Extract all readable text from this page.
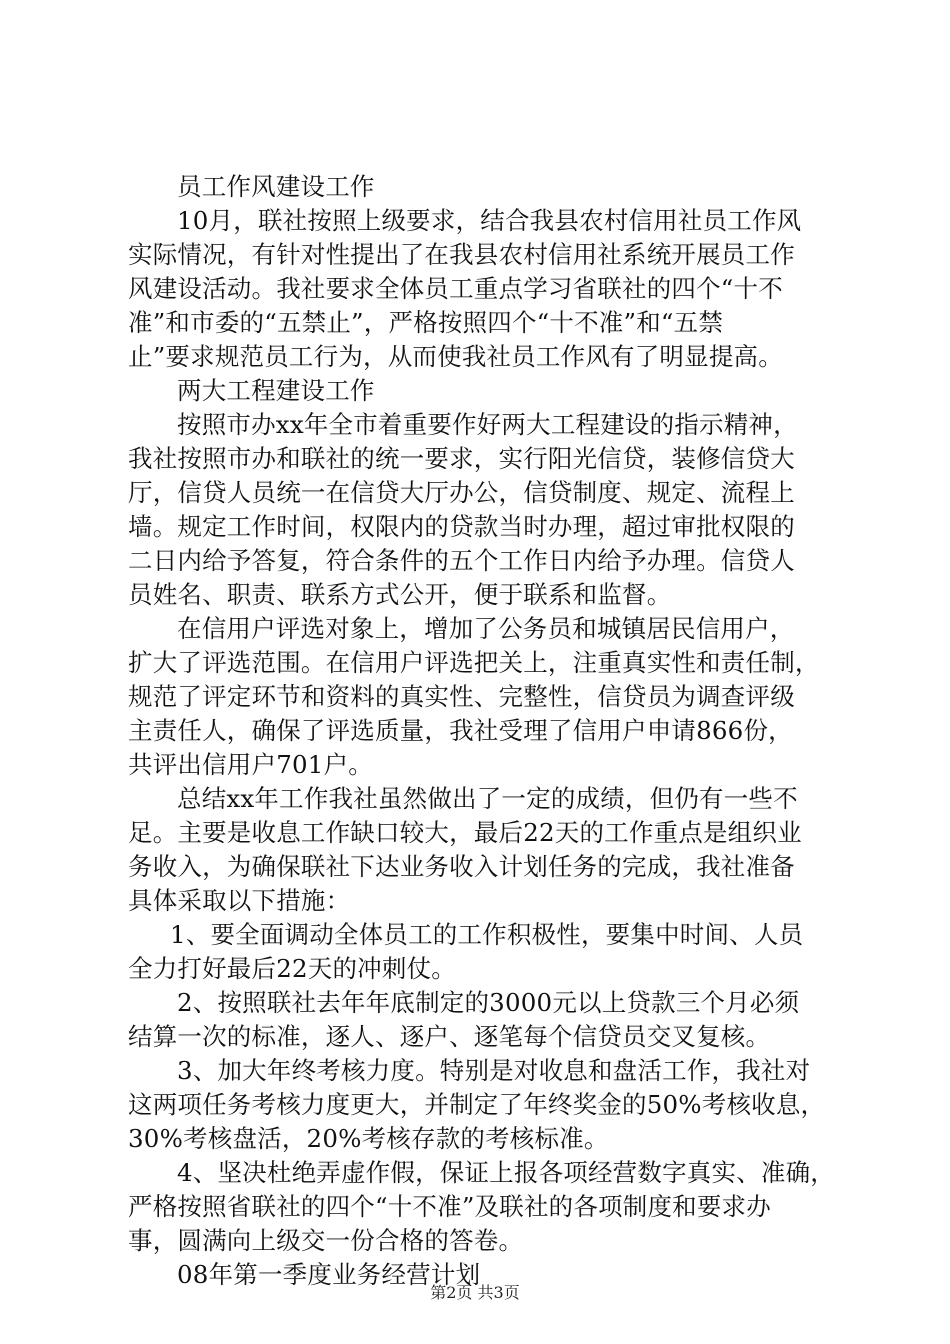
员工作风建设工作
10月，联社按照上级要求，结合我县农村信用社员工作风
实际情况，有针对性提出了在我县农村信用社系统开展员工作
风建设活动。我社要求全体员工重点学习省联社的四个“十不
准”和市委的“五禁止”，严格按照四个“十不准”和“五禁
止”要求规范员工行为，从而使我社员工作风有了明显提高。
两大工程建设工作
按照市办xx年全市着重要作好两大工程建设的指示精神，
我社按照市办和联社的统一要求，实行阳光信贷，装修信贷大
厅，信贷人员统一在信贷大厅办公，信贷制度、规定、流程上
墙。规定工作时间，权限内的贷款当时办理，超过审批权限的
二日内给予答复，符合条件的五个工作日内给予办理。信贷人
员姓名、职责、联系方式公开，便于联系和监督。
在信用户评选对象上，增加了公务员和城镇居民信用户，
扩大了评选范围。在信用户评选把关上，注重真实性和责任制，
规范了评定环节和资料的真实性、完整性，信贷员为调查评级
主责任人，确保了评选质量，我社受理了信用户申请866份，
共评出信用户701户。
总结xx年工作我社虽然做出了一定的成绩，但仍有一些不
足。主要是收息工作缺口较大，最后22天的工作重点是组织业
务收入，为确保联社下达业务收入计划任务的完成，我社准备
具体采取以下措施：
1、要全面调动全体员工的工作积极性，要集中时间、人员
全力打好最后22天的冲刺仗。
2、按照联社去年年底制定的3000元以上贷款三个月必须
结算一次的标准，逐人、逐户、逐笔每个信贷员交叉复核。
3、加大年终考核力度。特别是对收息和盘活工作，我社对
这两项任务考核力度更大，并制定了年终奖金的50%考核收息，
30%考核盘活，20%考核存款的考核标准。
4、坚决杜绝弄虚作假，保证上报各项经营数字真实、准确，
严格按照省联社的四个“十不准”及联社的各项制度和要求办
事，圆满向上级交一份合格的答卷。
08年第一季度业务经营计划
第2页 共3页
